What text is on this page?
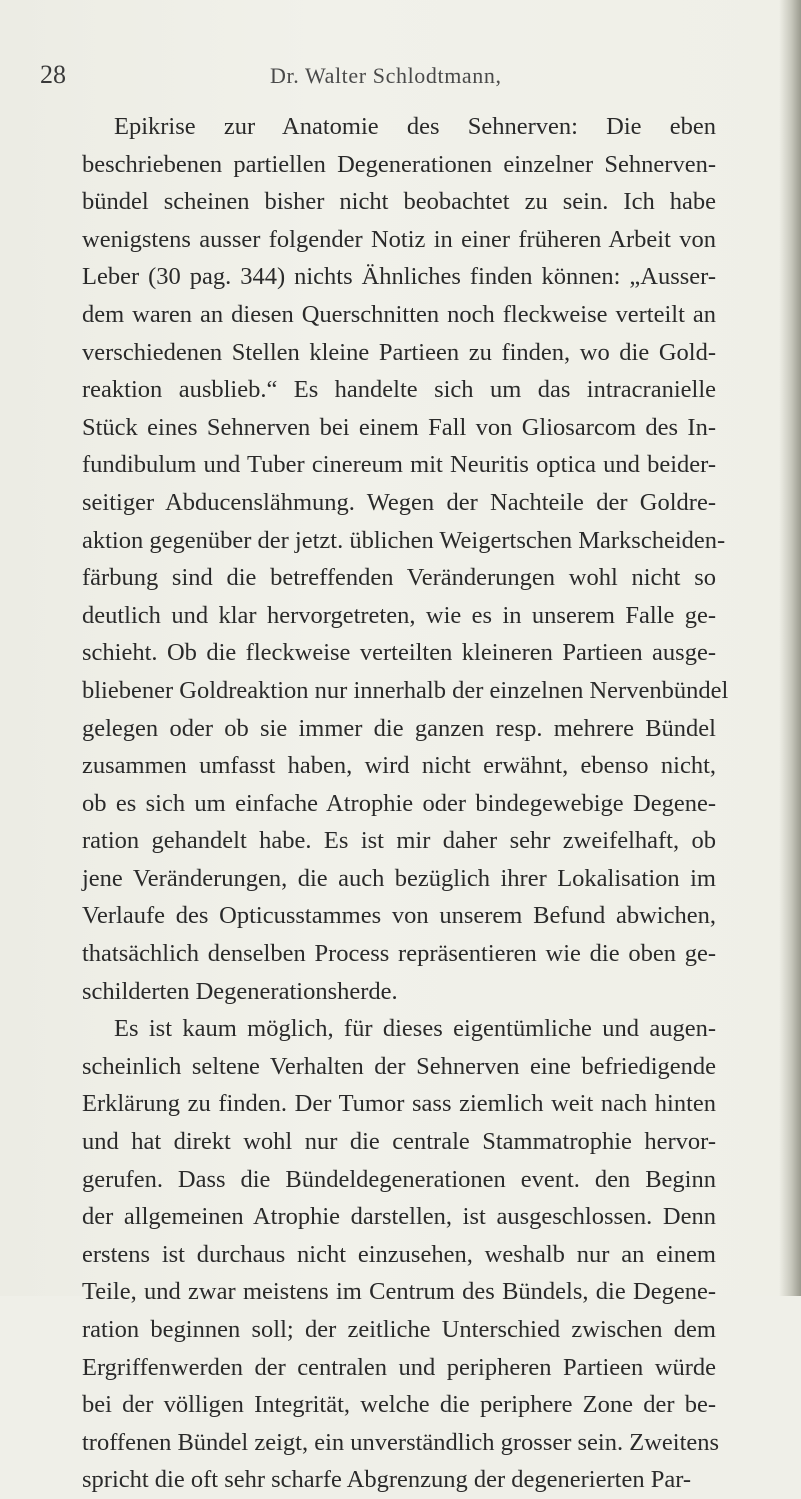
28	Dr. Walter Schlodtmann,
Epikrise zur Anatomie des Sehnerven: Die eben
beschriebenen partiellen Degenerationen einzelner Sehnerven-
bündel scheinen bisher nicht beobachtet zu sein. Ich habe
wenigstens ausser folgender Notiz in einer früheren Arbeit von
Leber (30 pag. 344) nichts Ähnliches finden können: „Ausser-
dem waren an diesen Querschnitten noch fleckweise verteilt an
verschiedenen Stellen kleine Partieen zu finden, wo die Gold-
reaktion ausblieb.“ Es handelte sich um das intracranielle
Stück eines Sehnerven bei einem Fall von Gliosarcom des In-
fundibulum und Tuber cinereum mit Neuritis optica und beider-
seitiger Abducenslähmung. Wegen der Nachteile der Goldre-
aktion gegenüber der jetzt. üblichen Weigertschen Markscheiden-
färbung sind die betreffenden Veränderungen wohl nicht so
deutlich und klar hervorgetreten, wie es in unserem Falle ge-
schieht. Ob die fleckweise verteilten kleineren Partieen ausge-
bliebener Goldreaktion nur innerhalb der einzelnen Nervenbündel
gelegen oder ob sie immer die ganzen resp. mehrere Bündel
zusammen umfasst haben, wird nicht erwähnt, ebenso nicht,
ob es sich um einfache Atrophie oder bindegewebige Degene-
ration gehandelt habe. Es ist mir daher sehr zweifelhaft, ob
jene Veränderungen, die auch bezüglich ihrer Lokalisation im
Verlaufe des Opticusstammes von unserem Befund abwichen,
thatsächlich denselben Process repräsentieren wie die oben ge-
schilderten Degenerationsherde.
Es ist kaum möglich, für dieses eigentümliche und augen-
scheinlich seltene Verhalten der Sehnerven eine befriedigende
Erklärung zu finden. Der Tumor sass ziemlich weit nach hinten
und hat direkt wohl nur die centrale Stammatrophie hervor-
gerufen. Dass die Bündeldegenerationen event. den Beginn
der allgemeinen Atrophie darstellen, ist ausgeschlossen. Denn
erstens ist durchaus nicht einzusehen, weshalb nur an einem
Teile, und zwar meistens im Centrum des Bündels, die Degene-
ration beginnen soll; der zeitliche Unterschied zwischen dem
Ergriffenwerden der centralen und peripheren Partieen würde
bei der völligen Integrität, welche die periphere Zone der be-
troffenen Bündel zeigt, ein unverständlich grosser sein. Zweitens
spricht die oft sehr scharfe Abgrenzung der degenerierten Par-
